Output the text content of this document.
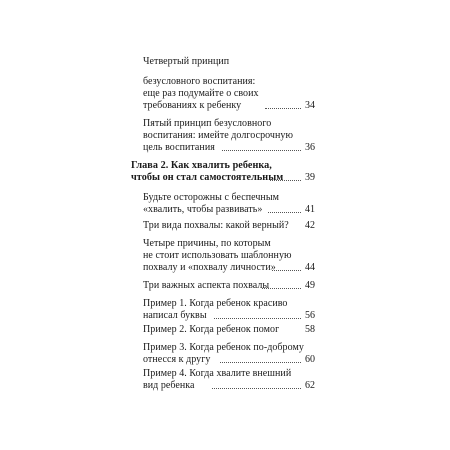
Четвертый принцип
безусловного воспитания:
еще раз подумайте о своих
требованиях к ребенку	34
Пятый принцип безусловного
воспитания: имейте долгосрочную
цель воспитания	36
Глава 2. Как хвалить ребенка,
чтобы он стал самостоятельным	39
Будьте осторожны с беспечным
«хвалить, чтобы развивать»	41
Три вида похвалы: какой верный?	42
Четыре причины, по которым
не стоит использовать шаблонную
похвалу и «похвалу личности»	44
Три важных аспекта похвалы	49
Пример 1. Когда ребенок красиво
написал буквы	56
Пример 2. Когда ребенок помог	58
Пример 3. Когда ребенок по-доброму
отнесся к другу	60
Пример 4. Когда хвалите внешний
вид ребенка	62
